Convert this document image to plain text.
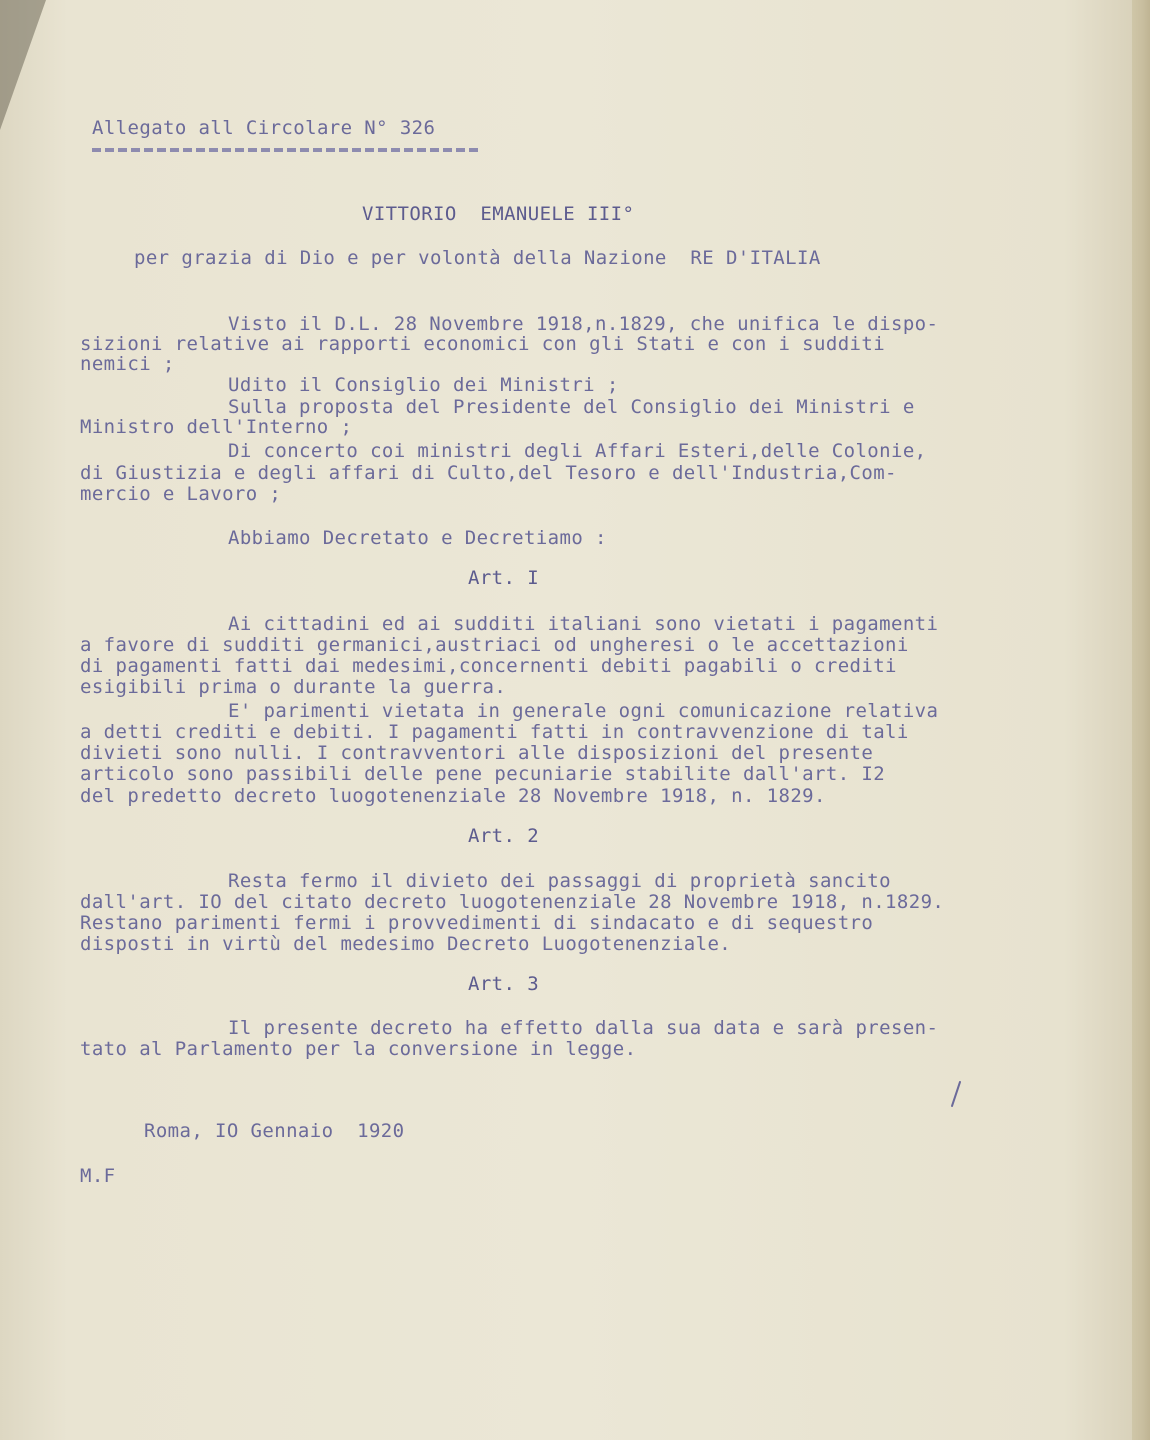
Allegato all Circolare N° 326
VITTORIO  EMANUELE III°
per grazia di Dio e per volontà della Nazione  RE D'ITALIA
Visto il D.L. 28 Novembre 1918,n.1829, che unifica le dispo-
sizioni relative ai rapporti economici con gli Stati e con i sudditi
nemici ;
Udito il Consiglio dei Ministri ;
Sulla proposta del Presidente del Consiglio dei Ministri e
Ministro dell'Interno ;
Di concerto coi ministri degli Affari Esteri,delle Colonie,
di Giustizia e degli affari di Culto,del Tesoro e dell'Industria,Com-
mercio e Lavoro ;
Abbiamo Decretato e Decretiamo :
Art. I
Ai cittadini ed ai sudditi italiani sono vietati i pagamenti
a favore di sudditi germanici,austriaci od ungheresi o le accettazioni
di pagamenti fatti dai medesimi,concernenti debiti pagabili o crediti
esigibili prima o durante la guerra.
E' parimenti vietata in generale ogni comunicazione relativa
a detti crediti e debiti. I pagamenti fatti in contravvenzione di tali
divieti sono nulli. I contravventori alle disposizioni del presente
articolo sono passibili delle pene pecuniarie stabilite dall'art. I2
del predetto decreto luogotenenziale 28 Novembre 1918, n. 1829.
Art. 2
Resta fermo il divieto dei passaggi di proprietà sancito
dall'art. IO del citato decreto luogotenenziale 28 Novembre 1918, n.1829.
Restano parimenti fermi i provvedimenti di sindacato e di sequestro
disposti in virtù del medesimo Decreto Luogotenenziale.
Art. 3
Il presente decreto ha effetto dalla sua data e sarà presen-
tato al Parlamento per la conversione in legge.
Roma, IO Gennaio  1920
M.F
